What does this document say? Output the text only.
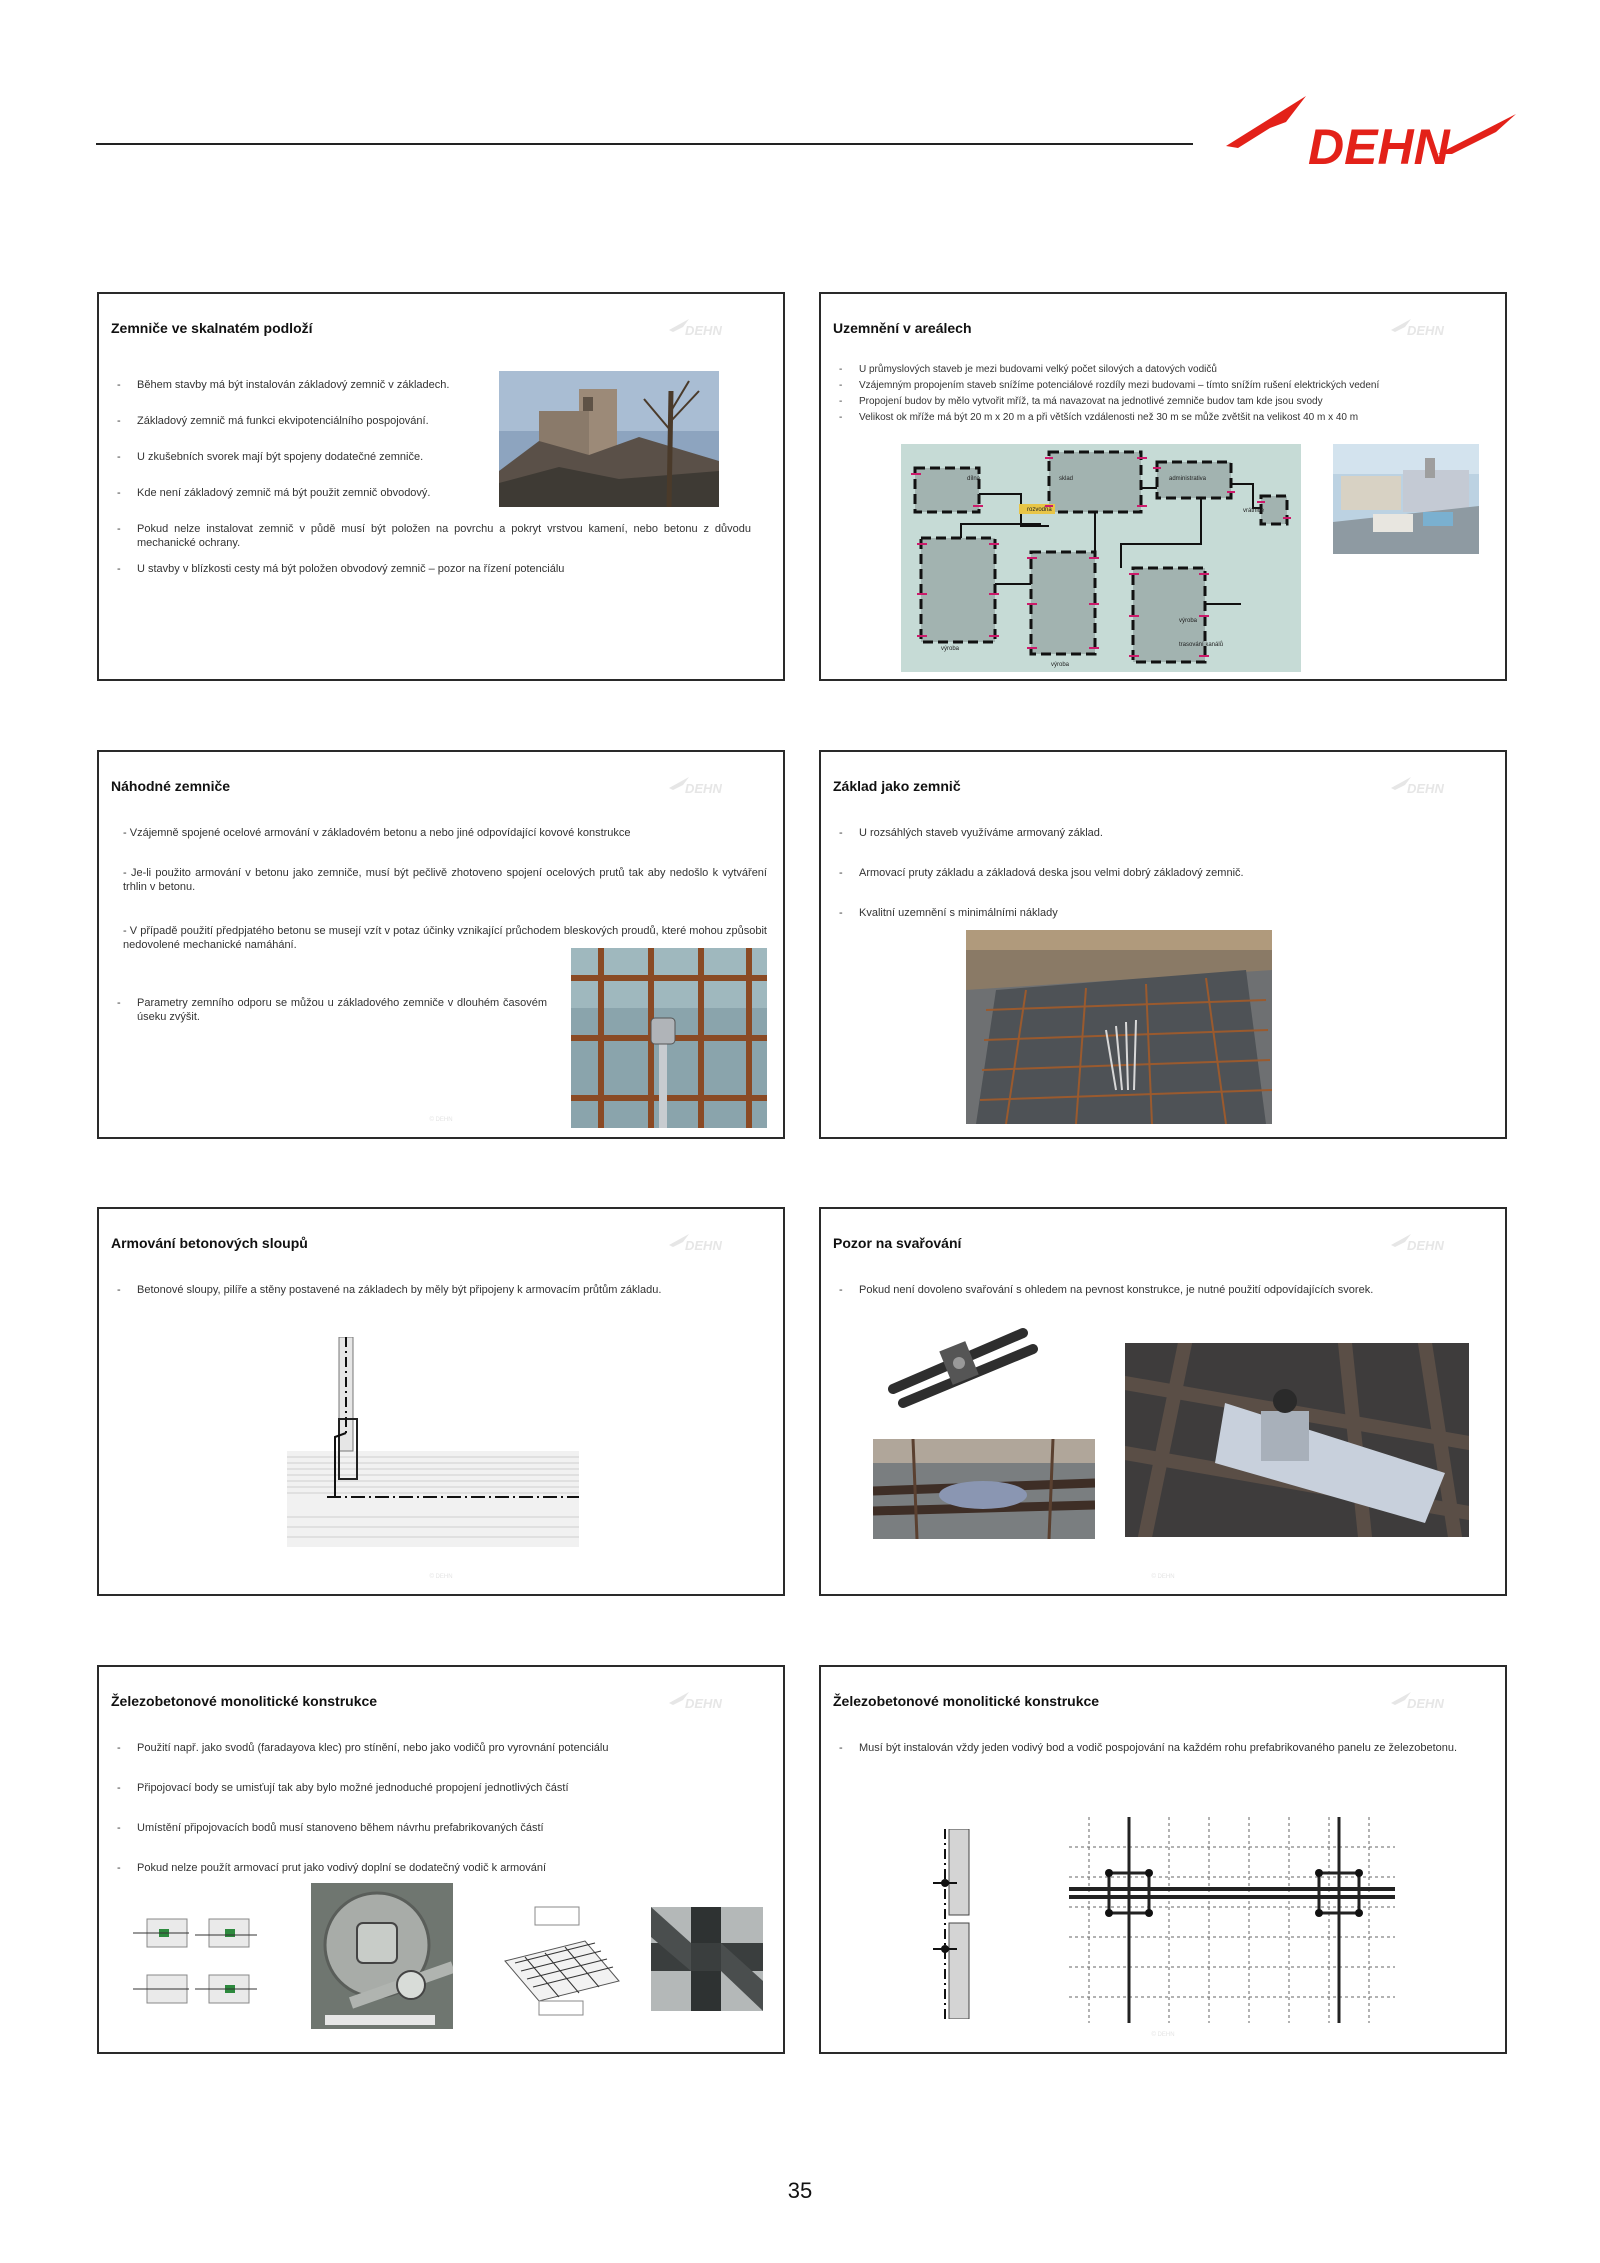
DEHN
Zemniče ve skalnatém podloží	DEHN
- Během stavby má být instalován základový zemnič v základech.
- Základový zemnič má funkci ekvipotenciálního pospojování.
- U zkušebních svorek mají být spojeny dodatečné zemniče.
- Kde není základový zemnič má být použit zemnič obvodový.
- Pokud nelze instalovat zemnič v půdě musí být položen na povrchu a pokryt vrstvou kamení, nebo betonu z důvodu mechanické ochrany.
- U stavby v blízkosti cesty má být položen obvodový zemnič – pozor na řízení potenciálu
Uzemnění v areálech	DEHN
- U průmyslových staveb je mezi budovami velký počet silových a datových vodičů
- Vzájemným propojením staveb snížíme potenciálové rozdíly mezi budovami – tímto snížím rušení elektrických vedení
- Propojení budov by mělo vytvořit mříž, ta má navazovat na jednotlivé zemniče budov tam kde jsou svody
- Velikost ok mříže má být 20 m x 20 m a při větších vzdálenosti než 30 m se může zvětšit na velikost 40 m x 40 m
dílna	sklad
rozvodna
administrativa
vrátnice
výroba
výroba
výroba
trasování kanálů
Náhodné zemniče	DEHN
- Vzájemně spojené ocelové armování v základovém betonu a nebo jiné odpovídající kovové konstrukce
- Je-li použito armování v betonu jako zemniče, musí být pečlivě zhotoveno spojení ocelových prutů tak aby nedošlo k vytváření trhlin v betonu.
- V případě použití předpjatého betonu se musejí vzít v potaz účinky vznikající průchodem bleskových proudů, které mohou způsobit nedovolené mechanické namáhání.
- Parametry zemního odporu se můžou u základového zemniče v dlouhém časovém úseku zvýšit.
© DEHN
Základ jako zemnič	DEHN
- U rozsáhlých staveb využíváme armovaný základ.
- Armovací pruty základu a základová deska jsou velmi dobrý základový zemnič.
- Kvalitní uzemnění s minimálními náklady
Armování betonových sloupů	DEHN
- Betonové sloupy, pilíře a stěny postavené na základech by měly být připojeny k armovacím průtům základu.
© DEHN
Pozor na svařování	DEHN
- Pokud není dovoleno svařování s ohledem na pevnost konstrukce, je nutné použití odpovídajících svorek.
© DEHN
Železobetonové monolitické konstrukce	DEHN
- Použití např. jako svodů (faradayova klec) pro stínění, nebo jako vodičů pro vyrovnání potenciálu
- Připojovací body se umisťují tak aby bylo možné jednoduché propojení jednotlivých částí
- Umístění připojovacích bodů musí stanoveno během návrhu prefabrikovaných částí
- Pokud nelze použít armovací prut jako vodivý doplní se dodatečný vodič k armování
Železobetonové monolitické konstrukce	DEHN
- Musí být instalován vždy jeden vodivý bod a vodič pospojování na každém rohu prefabrikovaného panelu ze železobetonu.
© DEHN
35
